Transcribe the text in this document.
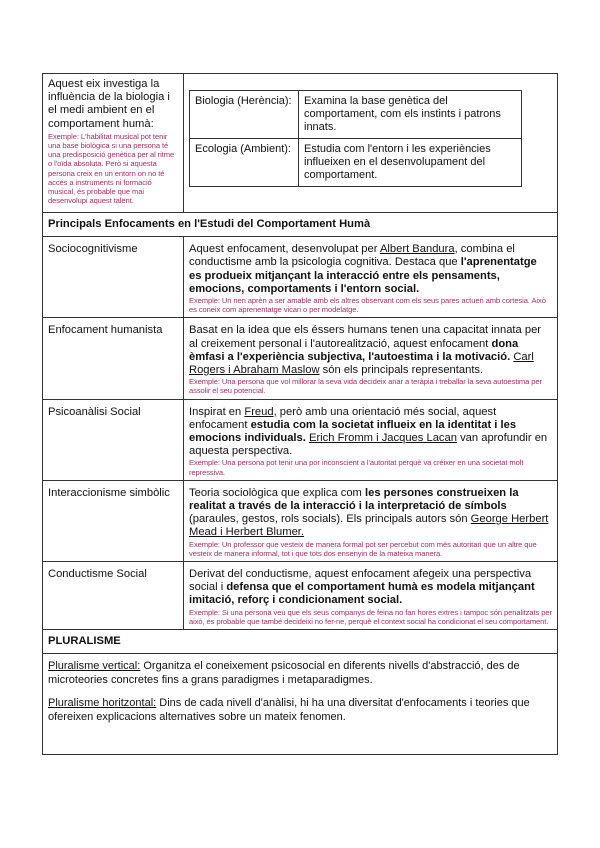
Aquest eix investiga la influència de la biologia i el medi ambient en el comportament humà:
Exemple: L'habilitat musical pot tenir una base biològica si una persona té una predisposició genètica per al ritme o l'oïda absoluta. Però si aquesta persona creix en un entorn on no té accés a instruments ni formació musical, és probable que mai desenvolupi aquest talent.

Biologia (Herència):	Examina la base genètica del comportament, com els instints i patrons innats.
Ecologia (Ambient):	Estudia com l'entorn i les experiències influeixen en el desenvolupament del comportament.

Principals Enfocaments en l'Estudi del Comportament Humà
Sociocognitivisme	Aquest enfocament, desenvolupat per Albert Bandura, combina el conductisme amb la psicologia cognitiva. Destaca que l'aprenentatge es produeix mitjançant la interacció entre els pensaments, emocions, comportaments i l'entorn social.
Exemple: Un nen aprèn a ser amable amb els altres observant com els seus pares actuen amb cortesia. Això es coneix com aprenentatge vicari o per modelatge.

Enfocament humanista	Basat en la idea que els éssers humans tenen una capacitat innata per al creixement personal i l'autorealització, aquest enfocament dona èmfasi a l'experiència subjectiva, l'autoestima i la motivació. Carl Rogers i Abraham Maslow són els principals representants.
Exemple: Una persona que vol millorar la seva vida decideix anar a teràpia i treballar la seva autoestima per assolir el seu potencial.

Psicoanàlisi Social	Inspirat en Freud, però amb una orientació més social, aquest enfocament estudia com la societat influeix en la identitat i les emocions individuals. Erich Fromm i Jacques Lacan van aprofundir en aquesta perspectiva.
Exemple: Una persona pot tenir una por inconscient a l'autoritat perquè va créixer en una societat molt repressiva.

Interaccionisme simbòlic	Teoria sociològica que explica com les persones construeixen la realitat a través de la interacció i la interpretació de símbols (paraules, gestos, rols socials). Els principals autors són George Herbert Mead i Herbert Blumer.
Exemple: Un professor que vesteix de manera formal pot ser percebut com més autoritari que un altre que vesteix de manera informal, tot i que tots dos ensenyin de la mateixa manera.

Conductisme Social	Derivat del conductisme, aquest enfocament afegeix una perspectiva social i defensa que el comportament humà es modela mitjançant imitació, reforç i condicionament social.
Exemple: Si una persona veu que els seus companys de feina no fan hores extres i tampoc són penalitzats per això, és probable que també decideixi no fer-ne, perquè el context social ha condicionat el seu comportament.

PLURALISME

Pluralisme vertical: Organitza el coneixement psicosocial en diferents nivells d'abstracció, des de microteories concretes fins a grans paradigmes i metaparadigmes.

Pluralisme horitzontal: Dins de cada nivell d'anàlisi, hi ha una diversitat d'enfocaments i teories que ofereixen explicacions alternatives sobre un mateix fenomen.
